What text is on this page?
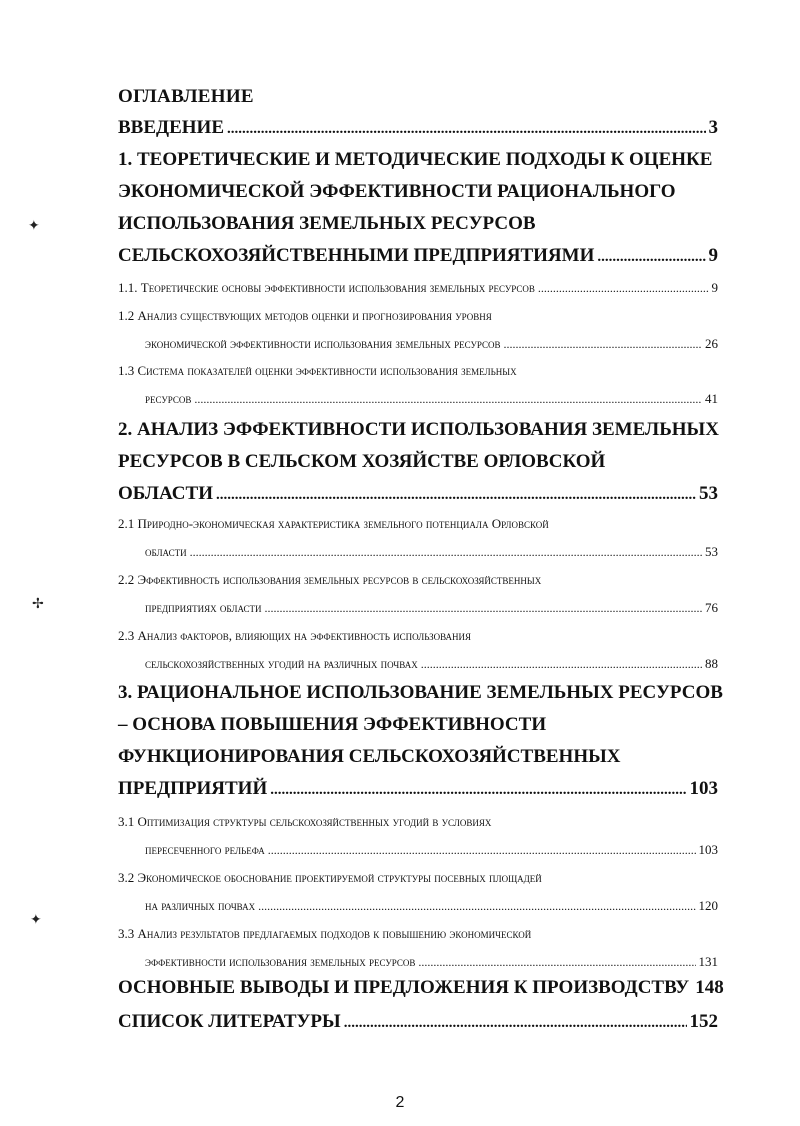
ОГЛАВЛЕНИЕ
ВВЕДЕНИЕ .....	3
1. ТЕОРЕТИЧЕСКИЕ И МЕТОДИЧЕСКИЕ ПОДХОДЫ К ОЦЕНКЕ
ЭКОНОМИЧЕСКОЙ ЭФФЕКТИВНОСТИ РАЦИОНАЛЬНОГО
ИСПОЛЬЗОВАНИЯ ЗЕМЕЛЬНЫХ РЕСУРСОВ
СЕЛЬСКОХОЗЯЙСТВЕННЫМИ ПРЕДПРИЯТИЯМИ .....	9
1.1. Теоретические основы эффективности использования земельных ресурсов .....	9
1.2 Анализ существующих методов оценки и прогнозирования уровня
экономической эффективности использования земельных ресурсов .....	26
1.3 Система показателей оценки эффективности использования земельных
ресурсов .....	41
2. АНАЛИЗ ЭФФЕКТИВНОСТИ ИСПОЛЬЗОВАНИЯ ЗЕМЕЛЬНЫХ
РЕСУРСОВ В СЕЛЬСКОМ ХОЗЯЙСТВЕ ОРЛОВСКОЙ
ОБЛАСТИ .....	53
2.1 Природно-экономическая характеристика земельного потенциала Орловской
области .....	53
2.2 Эффективность использования земельных ресурсов в сельскохозяйственных
предприятиях области .....	76
2.3 Анализ факторов, влияющих на эффективность использования
сельскохозяйственных угодий на различных почвах .....	88
3. РАЦИОНАЛЬНОЕ ИСПОЛЬЗОВАНИЕ ЗЕМЕЛЬНЫХ РЕСУРСОВ
– ОСНОВА ПОВЫШЕНИЯ ЭФФЕКТИВНОСТИ
ФУНКЦИОНИРОВАНИЯ СЕЛЬСКОХОЗЯЙСТВЕННЫХ
ПРЕДПРИЯТИЙ .....	103
3.1 Оптимизация структуры сельскохозяйственных угодий в условиях
пересеченного рельефа .....	103
3.2 Экономическое обоснование проектируемой структуры посевных площадей
на различных почвах .....	120
3.3 Анализ результатов предлагаемых подходов к повышению экономической
эффективности использования земельных ресурсов .....	131
ОСНОВНЫЕ ВЫВОДЫ И ПРЕДЛОЖЕНИЯ К ПРОИЗВОДСТВУ 148
СПИСОК ЛИТЕРАТУРЫ .....	152
✦
✢
✦
2
